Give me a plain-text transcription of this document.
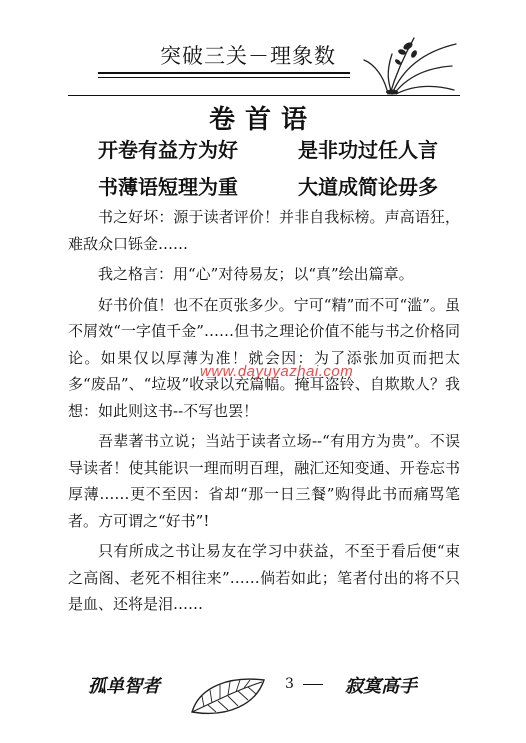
突破三关－理象数
卷首语
开卷有益方为好	是非功过任人言
书薄语短理为重	大道成简论毋多

书之好坏：源于读者评价！并非自我标榜。声高语狂，难敌众口铄金……

我之格言：用“心”对待易友；以“真”绘出篇章。

好书价值！也不在页张多少。宁可“精”而不可“滥”。虽不屑效“一字值千金”……但书之理论价值不能与书之价格同论。如果仅以厚薄为准！就会因：为了添张加页而把太多“废品”、“垃圾”收录以充篇幅。掩耳盗铃、自欺欺人？我想：如此则这书--不写也罢！

吾辈著书立说；当站于读者立场--“有用方为贵”。不误导读者！使其能识一理而明百理，融汇还知变通、开卷忘书厚薄……更不至因：省却“那一日三餐”购得此书而痛骂笔者。方可谓之“好书”!

只有所成之书让易友在学习中获益，不至于看后便“束之高阁、老死不相往来”……倘若如此；笔者付出的将不只是血、还将是泪……

www.dayuyazhai.com
孤单智者	3	寂寞高手
